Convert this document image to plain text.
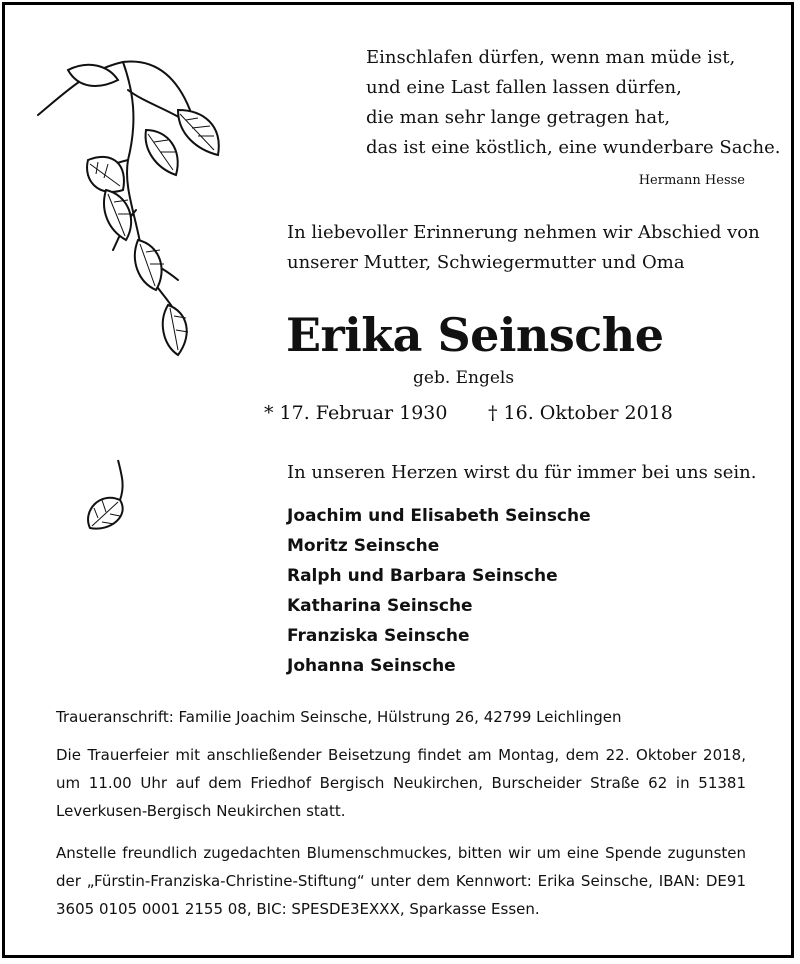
Einschlafen dürfen, wenn man müde ist,
und eine Last fallen lassen dürfen,
die man sehr lange getragen hat,
das ist eine köstlich, eine wunderbare Sache.
Hermann Hesse
In liebevoller Erinnerung nehmen wir Abschied von
unserer Mutter, Schwiegermutter und Oma
Erika Seinsche
geb. Engels
* 17. Februar 1930 † 16. Oktober 2018
In unseren Herzen wirst du für immer bei uns sein.
Joachim und Elisabeth Seinsche
Moritz Seinsche
Ralph und Barbara Seinsche
Katharina Seinsche
Franziska Seinsche
Johanna Seinsche
Traueranschrift: Familie Joachim Seinsche, Hülstrung 26, 42799 Leichlingen
Die Trauerfeier mit anschließender Beisetzung findet am Montag, dem 22. Oktober 2018, um 11.00 Uhr auf dem Friedhof Bergisch Neukirchen, Burscheider Straße 62 in 51381 Leverkusen-Bergisch Neukirchen statt.
Anstelle freundlich zugedachten Blumenschmuckes, bitten wir um eine Spende zugunsten der „Fürstin-Franziska-Christine-Stiftung“ unter dem Kennwort: Erika Seinsche, IBAN: DE91 3605 0105 0001 2155 08, BIC: SPESDE3EXXX, Sparkasse Essen.
